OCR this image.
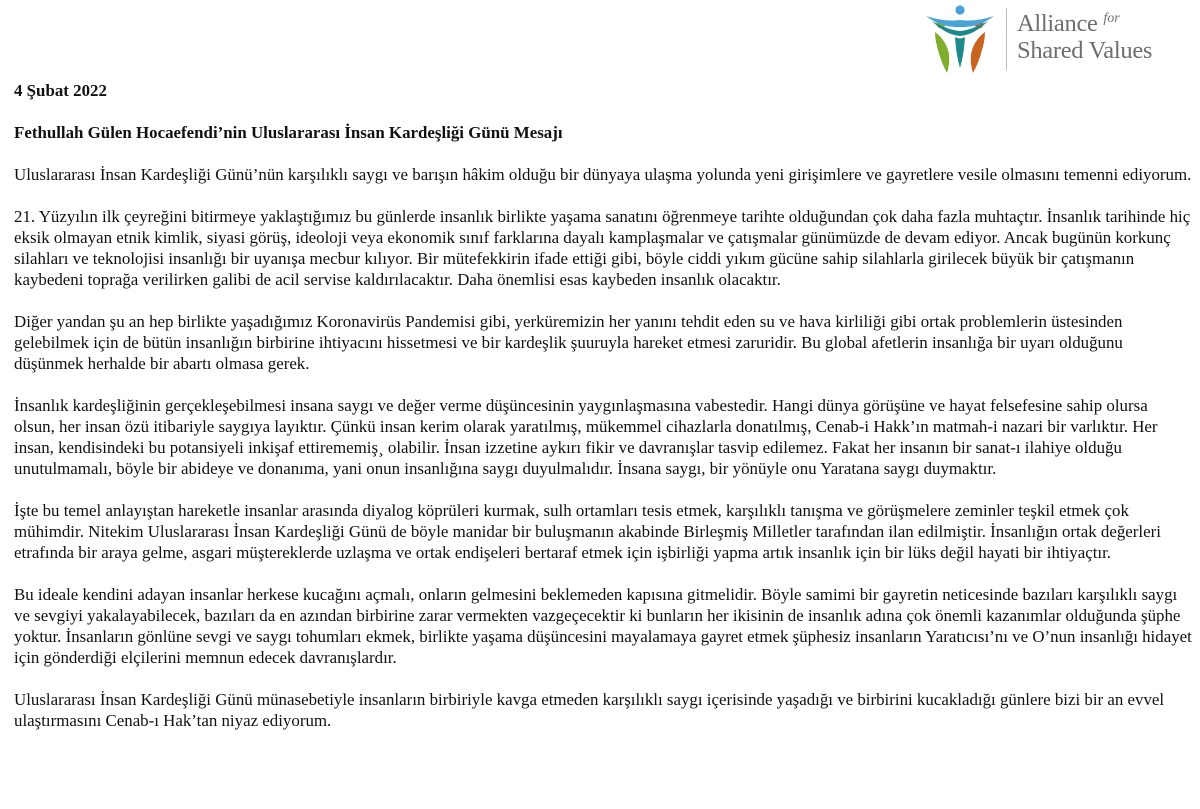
Alliance $^{for}$
Shared Values

4 Şubat 2022

Fethullah Gülen Hocaefendi’nin Uluslararası İnsan Kardeşliği Günü Mesajı

Uluslararası İnsan Kardeşliği Günü’nün karşılıklı saygı ve barışın hâkim olduğu bir dünyaya ulaşma yolunda yeni girişimlere ve gayretlere vesile olmasını temenni ediyorum.

21. Yüzyılın ilk çeyreğini bitirmeye yaklaştığımız bu günlerde insanlık birlikte yaşama sanatını öğrenmeye tarihte olduğundan çok daha fazla muhtaçtır. İnsanlık tarihinde hiç eksik olmayan etnik kimlik, siyasi görüş, ideoloji veya ekonomik sınıf farklarına dayalı kamplaşmalar ve çatışmalar günümüzde de devam ediyor. Ancak bugünün korkunç silahları ve teknolojisi insanlığı bir uyanışa mecbur kılıyor. Bir mütefekkirin ifade ettiği gibi, böyle ciddi yıkım gücüne sahip silahlarla girilecek büyük bir çatışmanın kaybedeni toprağa verilirken galibi de acil servise kaldırılacaktır. Daha önemlisi esas kaybeden insanlık olacaktır.

Diğer yandan şu an hep birlikte yaşadığımız Koronavirüs Pandemisi gibi, yerküremizin her yanını tehdit eden su ve hava kirliliği gibi ortak problemlerin üstesinden gelebilmek için de bütün insanlığın birbirine ihtiyacını hissetmesi ve bir kardeşlik şuuruyla hareket etmesi zaruridir. Bu global afetlerin insanlığa bir uyarı olduğunu düşünmek herhalde bir abartı olmasa gerek.

İnsanlık kardeşliğinin gerçekleşebilmesi insana saygı ve değer verme düşüncesinin yaygınlaşmasına vabestedir. Hangi dünya görüşüne ve hayat felsefesine sahip olursa olsun, her insan özü itibariyle saygıya layıktır. Çünkü insan kerim olarak yaratılmış, mükemmel cihazlarla donatılmış, Cenab-i Hakk’ın matmah-i nazari bir varlıktır. Her insan, kendisindeki bu potansiyeli inkişaf ettirememiş¸ olabilir. İnsan izzetine aykırı fikir ve davranışlar tasvip edilemez. Fakat her insanın bir sanat-ı ilahiye olduğu unutulmamalı, böyle bir abideye ve donanıma, yani onun insanlığına saygı duyulmalıdır. İnsana saygı, bir yönüyle onu Yaratana saygı duymaktır.

İşte bu temel anlayıştan hareketle insanlar arasında diyalog köprüleri kurmak, sulh ortamları tesis etmek, karşılıklı tanışma ve görüşmelere zeminler teşkil etmek çok mühimdir. Nitekim Uluslararası İnsan Kardeşliği Günü de böyle manidar bir buluşmanın akabinde Birleşmiş Milletler tarafından ilan edilmiştir. İnsanlığın ortak değerleri etrafında bir araya gelme, asgari müştereklerde uzlaşma ve ortak endişeleri bertaraf etmek için işbirliği yapma artık insanlık için bir lüks değil hayati bir ihtiyaçtır.

Bu ideale kendini adayan insanlar herkese kucağını açmalı, onların gelmesini beklemeden kapısına gitmelidir. Böyle samimi bir gayretin neticesinde bazıları karşılıklı saygı ve sevgiyi yakalayabilecek, bazıları da en azından birbirine zarar vermekten vazgeçecektir ki bunların her ikisinin de insanlık adına çok önemli kazanımlar olduğunda şüphe yoktur. İnsanların gönlüne sevgi ve saygı tohumları ekmek, birlikte yaşama düşüncesini mayalamaya gayret etmek şüphesiz insanların Yaratıcısı’nı ve O’nun insanlığı hidayet için gönderdiği elçilerini memnun edecek davranışlardır.

Uluslararası İnsan Kardeşliği Günü münasebetiyle insanların birbiriyle kavga etmeden karşılıklı saygı içerisinde yaşadığı ve birbirini kucakladığı günlere bizi bir an evvel ulaştırmasını Cenab-ı Hak’tan niyaz ediyorum.
